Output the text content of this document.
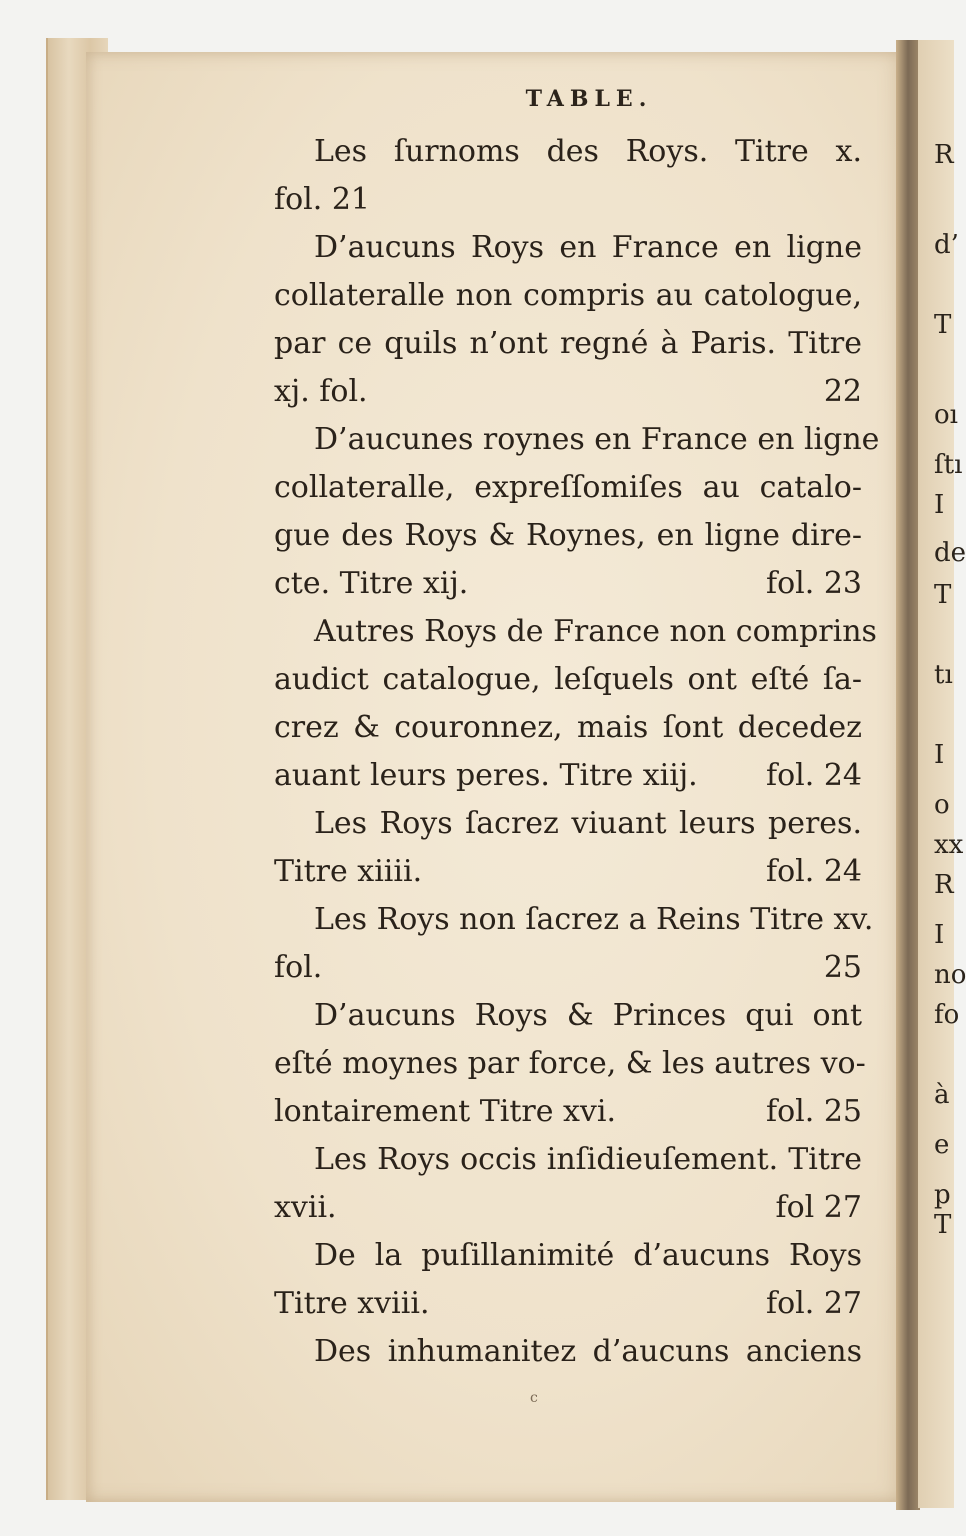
R
d’
T
oı
ſtı
I
de
T
tı
I
o
xx
R
I
no
fo
à
e
p
T
TABLE.
Les ſurnoms des Roys. Titre x.
fol. 21
D’aucuns Roys en France en ligne
collateralle non compris au catologue,
par ce quils n’ont regné à Paris. Titre
xj. fol.	22
D’aucunes roynes en France en ligne
collateralle, expreſſomiſes au catalo-
gue des Roys & Roynes, en ligne dire-
cte. Titre xij.	fol. 23
Autres Roys de France non comprins
audict catalogue, leſquels ont eſté ſa-
crez & couronnez, mais ſont decedez
auant leurs peres. Titre xiij. fol. 24
Les Roys ſacrez viuant leurs peres.
Titre xiiii.	fol. 24
Les Roys non ſacrez a Reins Titre xv.
fol.	25
D’aucuns Roys & Princes qui ont
eſté moynes par force, & les autres vo-
lontairement Titre xvi.	fol. 25
Les Roys occis inſidieuſement. Titre
xvii.	fol 27
De la puſillanimité d’aucuns Roys
Titre xviii.	fol. 27
Des inhumanitez d’aucuns anciens
c
